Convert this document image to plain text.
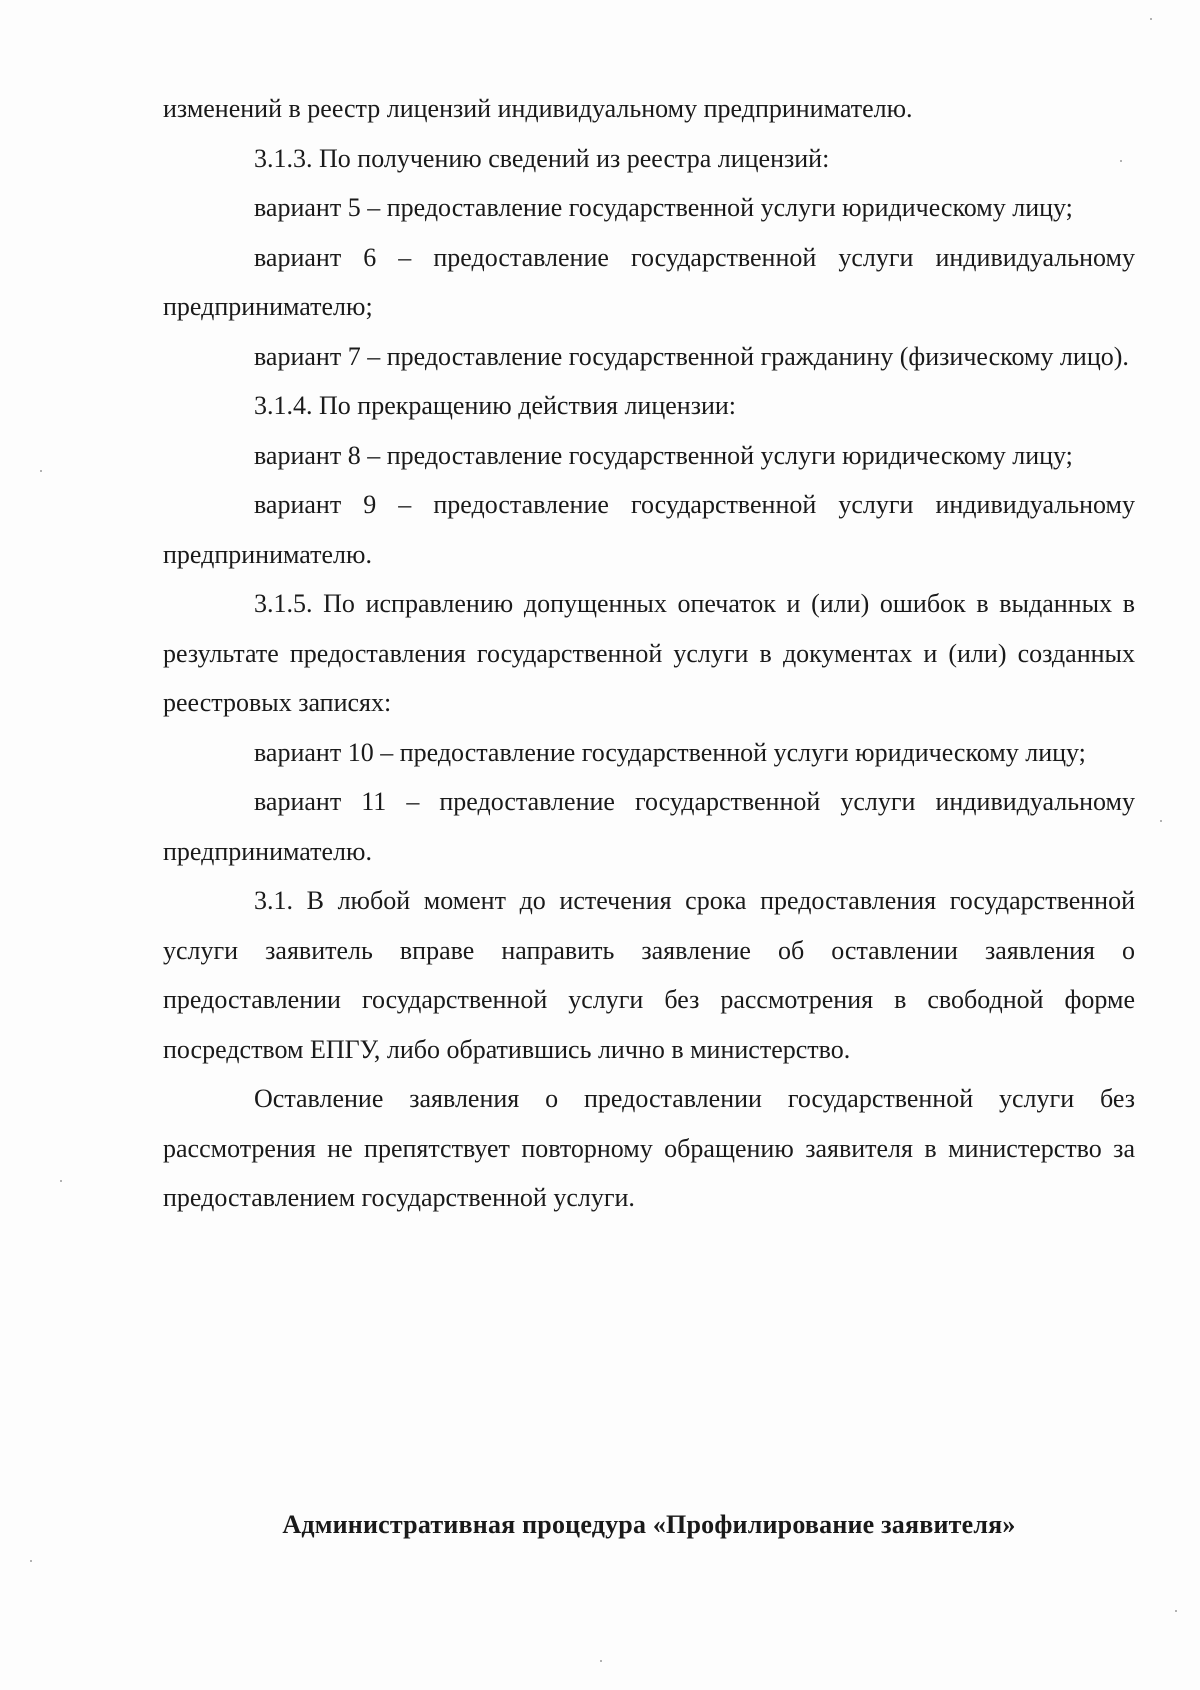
изменений в реестр лицензий индивидуальному предпринимателю.

3.1.3. По получению сведений из реестра лицензий:

вариант 5 – предоставление государственной услуги юридическому лицу;

вариант 6 – предоставление государственной услуги индивидуальному предпринимателю;

вариант 7 – предоставление государственной гражданину (физическому лицо).

3.1.4. По прекращению действия лицензии:

вариант 8 – предоставление государственной услуги юридическому лицу;

вариант 9 – предоставление государственной услуги индивидуальному предпринимателю.

3.1.5. По исправлению допущенных опечаток и (или) ошибок в выданных в результате предоставления государственной услуги в документах и (или) созданных реестровых записях:

вариант 10 – предоставление государственной услуги юридическому лицу;

вариант 11 – предоставление государственной услуги индивидуальному предпринимателю.

3.1. В любой момент до истечения срока предоставления государственной услуги заявитель вправе направить заявление об оставлении заявления о предоставлении государственной услуги без рассмотрения в свободной форме посредством ЕПГУ, либо обратившись лично в министерство.

Оставление заявления о предоставлении государственной услуги без рассмотрения не препятствует повторному обращению заявителя в министерство за предоставлением государственной услуги.

Административная процедура «Профилирование заявителя»
